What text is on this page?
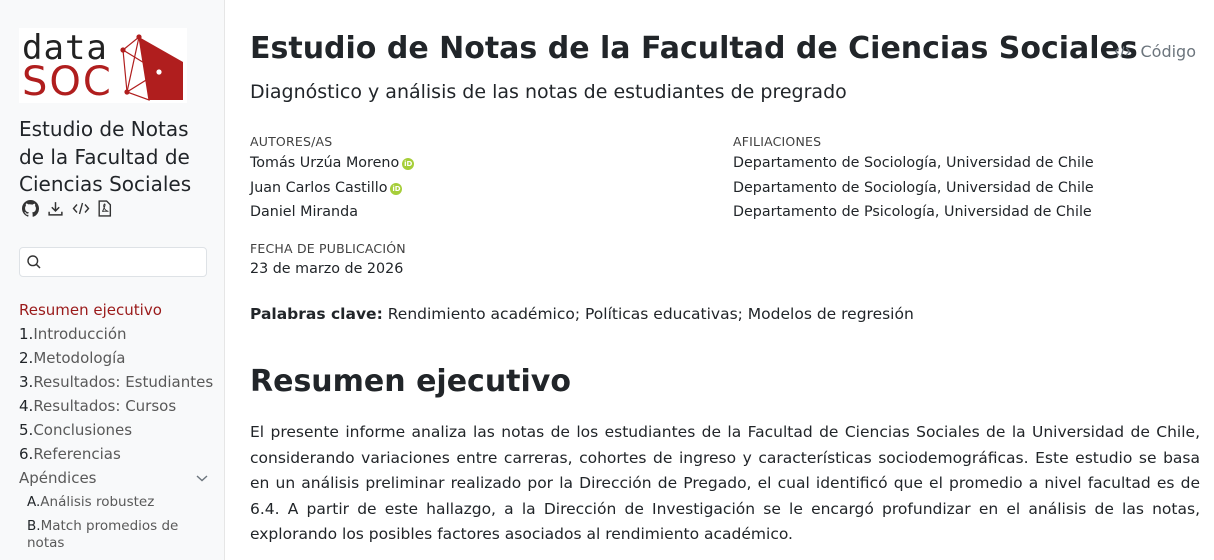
data
SOC
Estudio de Notas de la Facultad de Ciencias Sociales
Resumen ejecutivo
1. Introducción
2. Metodología
3. Resultados: Estudiantes
4. Resultados: Cursos
5. Conclusiones
6. Referencias
Apéndices
A.Análisis robustez
B.Match promedios de notas
Estudio de Notas de la Facultad de Ciencias Sociales Código
Diagnóstico y análisis de las notas de estudiantes de pregrado
AUTORES/AS
Tomás Urzúa Moreno iD
Juan Carlos Castillo iD
Daniel Miranda
AFILIACIONES
Departamento de Sociología, Universidad de Chile
Departamento de Sociología, Universidad de Chile
Departamento de Psicología, Universidad de Chile
FECHA DE PUBLICACIÓN
23 de marzo de 2026
Palabras clave: Rendimiento académico; Políticas educativas; Modelos de regresión
Resumen ejecutivo

El presente informe analiza las notas de los estudiantes de la Facultad de Ciencias Sociales de la Universidad de Chile, considerando variaciones entre carreras, cohortes de ingreso y características sociodemográficas. Este estudio se basa en un análisis preliminar realizado por la Dirección de Pregado, el cual identificó que el promedio a nivel facultad es de 6.4. A partir de este hallazgo, a la Dirección de Investigación se le encargó profundizar en el análisis de las notas, explorando los posibles factores asociados al rendimiento académico.
